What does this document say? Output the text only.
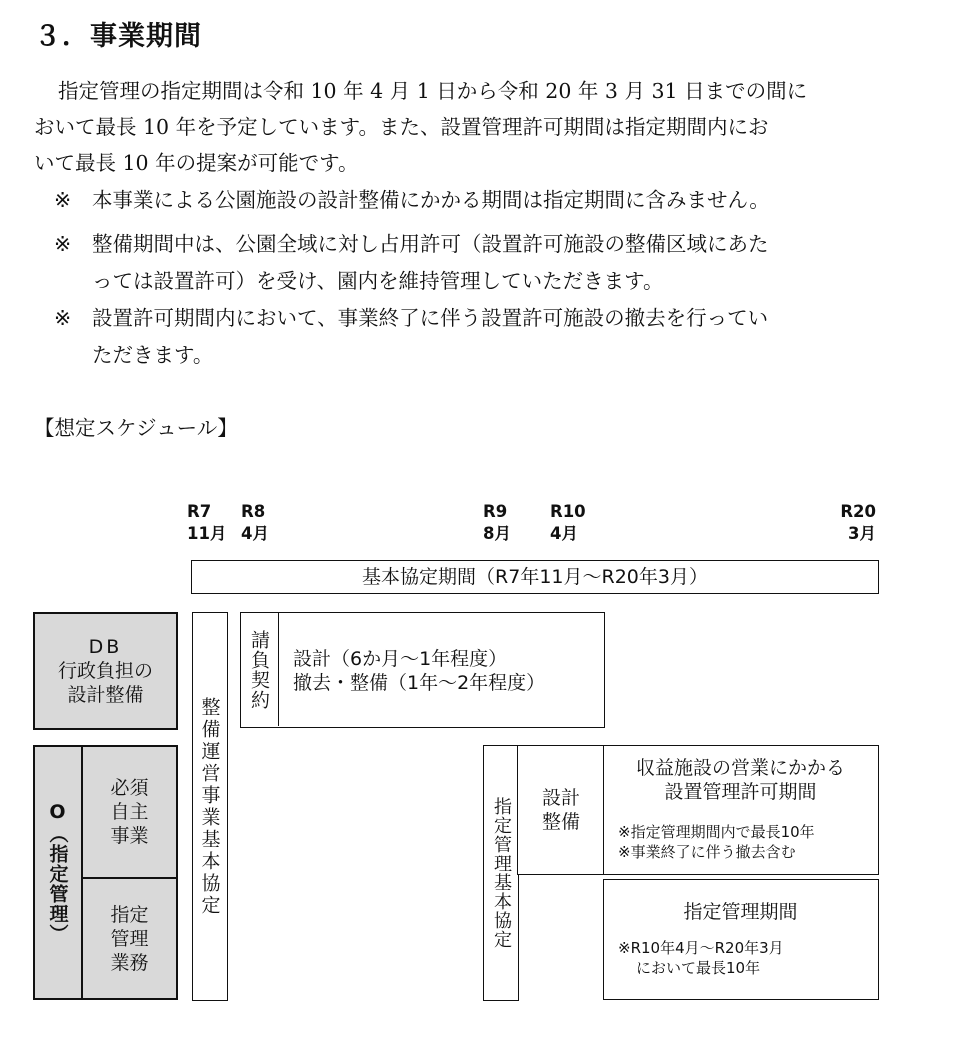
３．事業期間
指定管理の指定期間は令和 10 年 4 月 1 日から令和 20 年 3 月 31 日までの間に
おいて最長 10 年を予定しています。また、設置管理許可期間は指定期間内にお
いて最長 10 年の提案が可能です。
※ 本事業による公園施設の設計整備にかかる期間は指定期間に含みません。
※ 整備期間中は、公園全域に対し占用許可（設置許可施設の整備区域にあた
っては設置許可）を受け、園内を維持管理していただきます。
※ 設置許可期間内において、事業終了に伴う設置許可施設の撤去を行ってい
ただきます。
【想定スケジュール】
R7
11月
R8
4月
R9
8月
R10
4月
R20
3月
基本協定期間（R7年11月～R20年3月）
DB
行政負担の
設計整備
O（指定管理）
必須
自主
事業
指定
管理
業務
整備運営事業基本協定
請負契約 設計（6か月～1年程度）
撤去・整備（1年～2年程度）
指定管理基本協定 設計
整備
収益施設の営業にかかる
設置管理許可期間
※指定管理期間内で最長10年
※事業終了に伴う撤去含む
指定管理期間
※R10年4月～R20年3月
において最長10年
